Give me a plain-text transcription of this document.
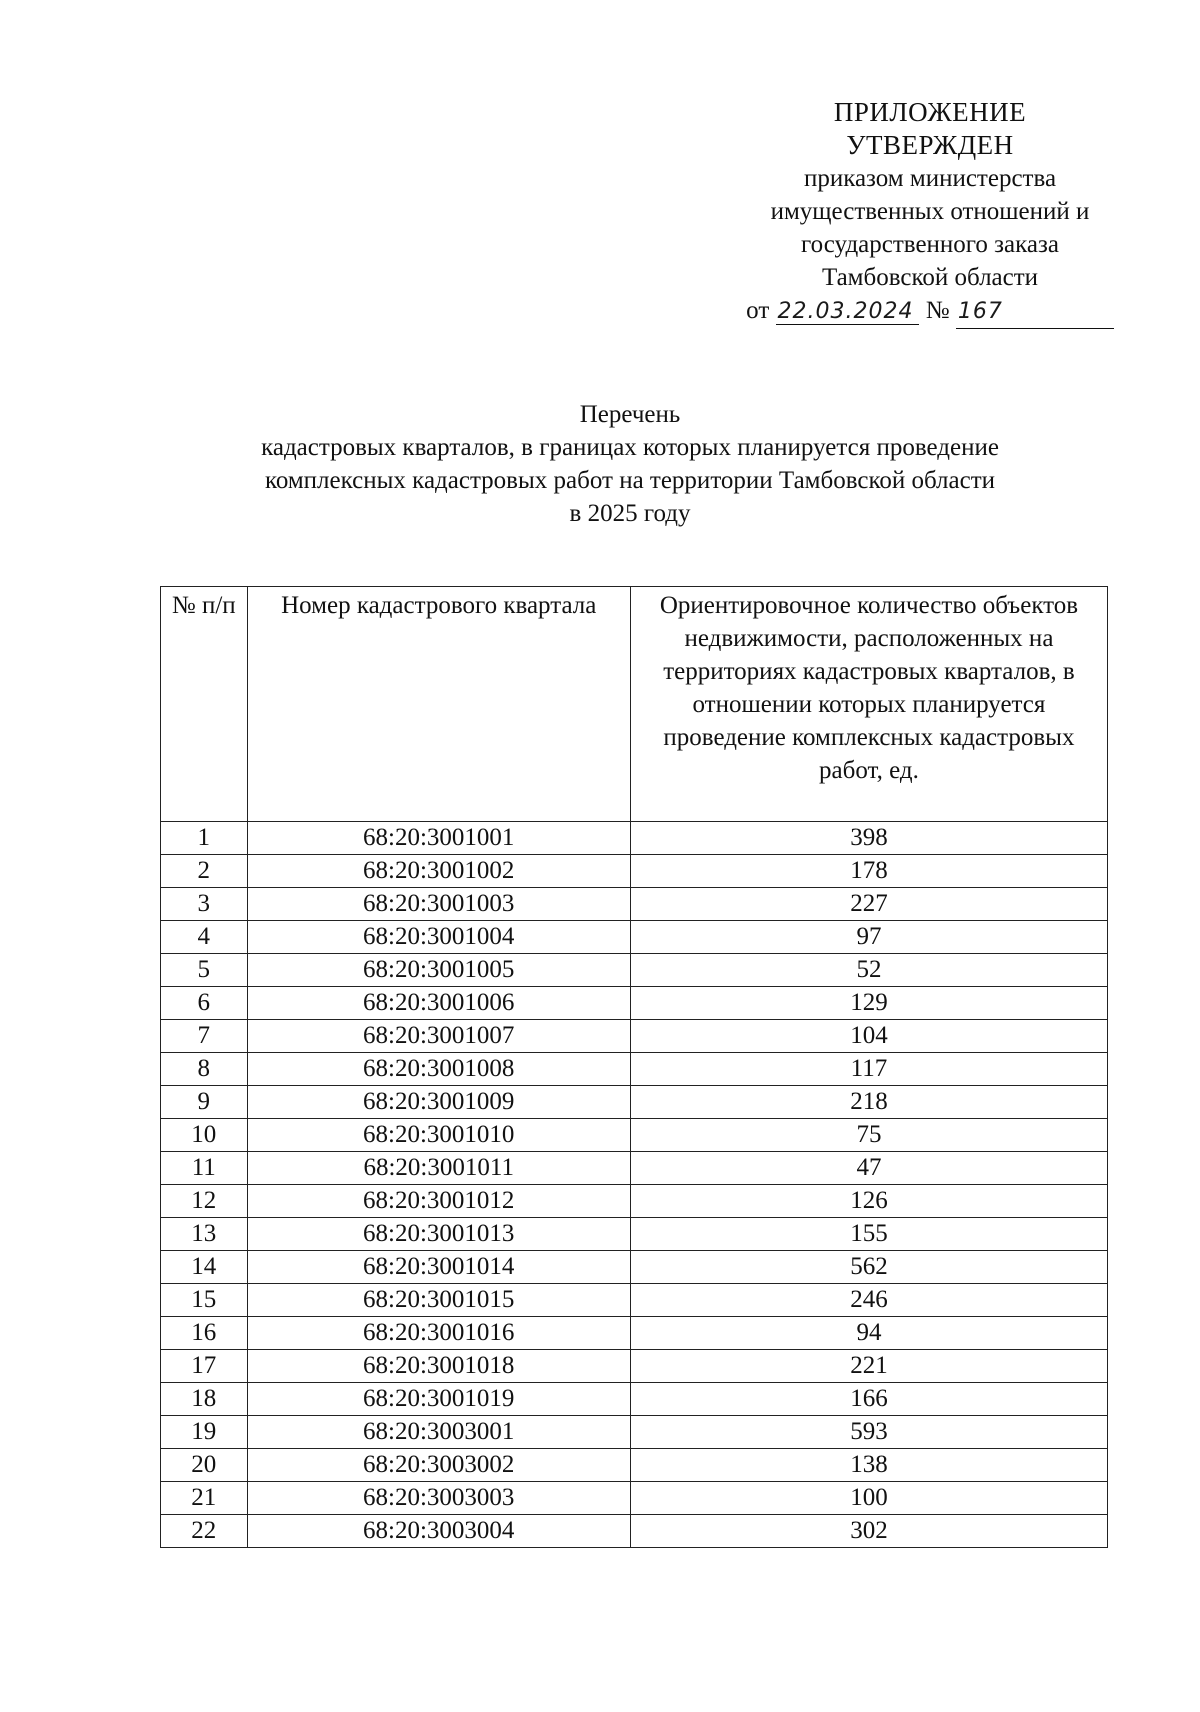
ПРИЛОЖЕНИЕ
УТВЕРЖДЕН
приказом министерства
имущественных отношений и
государственного заказа
Тамбовской области
от 22.03.2024 № 167
Перечень
кадастровых кварталов, в границах которых планируется проведение
комплексных кадастровых работ на территории Тамбовской области
в 2025 году
№ п/п	Номер кадастрового квартала	Ориентировочное количество объектов недвижимости, расположенных на территориях кадастровых кварталов, в отношении которых планируется проведение комплексных кадастровых работ, ед.

1	68:20:3001001	398
2	68:20:3001002	178
3	68:20:3001003	227
4	68:20:3001004	97
5	68:20:3001005	52
6	68:20:3001006	129
7	68:20:3001007	104
8	68:20:3001008	117
9	68:20:3001009	218
10	68:20:3001010	75
11	68:20:3001011	47
12	68:20:3001012	126
13	68:20:3001013	155
14	68:20:3001014	562
15	68:20:3001015	246
16	68:20:3001016	94
17	68:20:3001018	221
18	68:20:3001019	166
19	68:20:3003001	593
20	68:20:3003002	138
21	68:20:3003003	100
22	68:20:3003004	302
